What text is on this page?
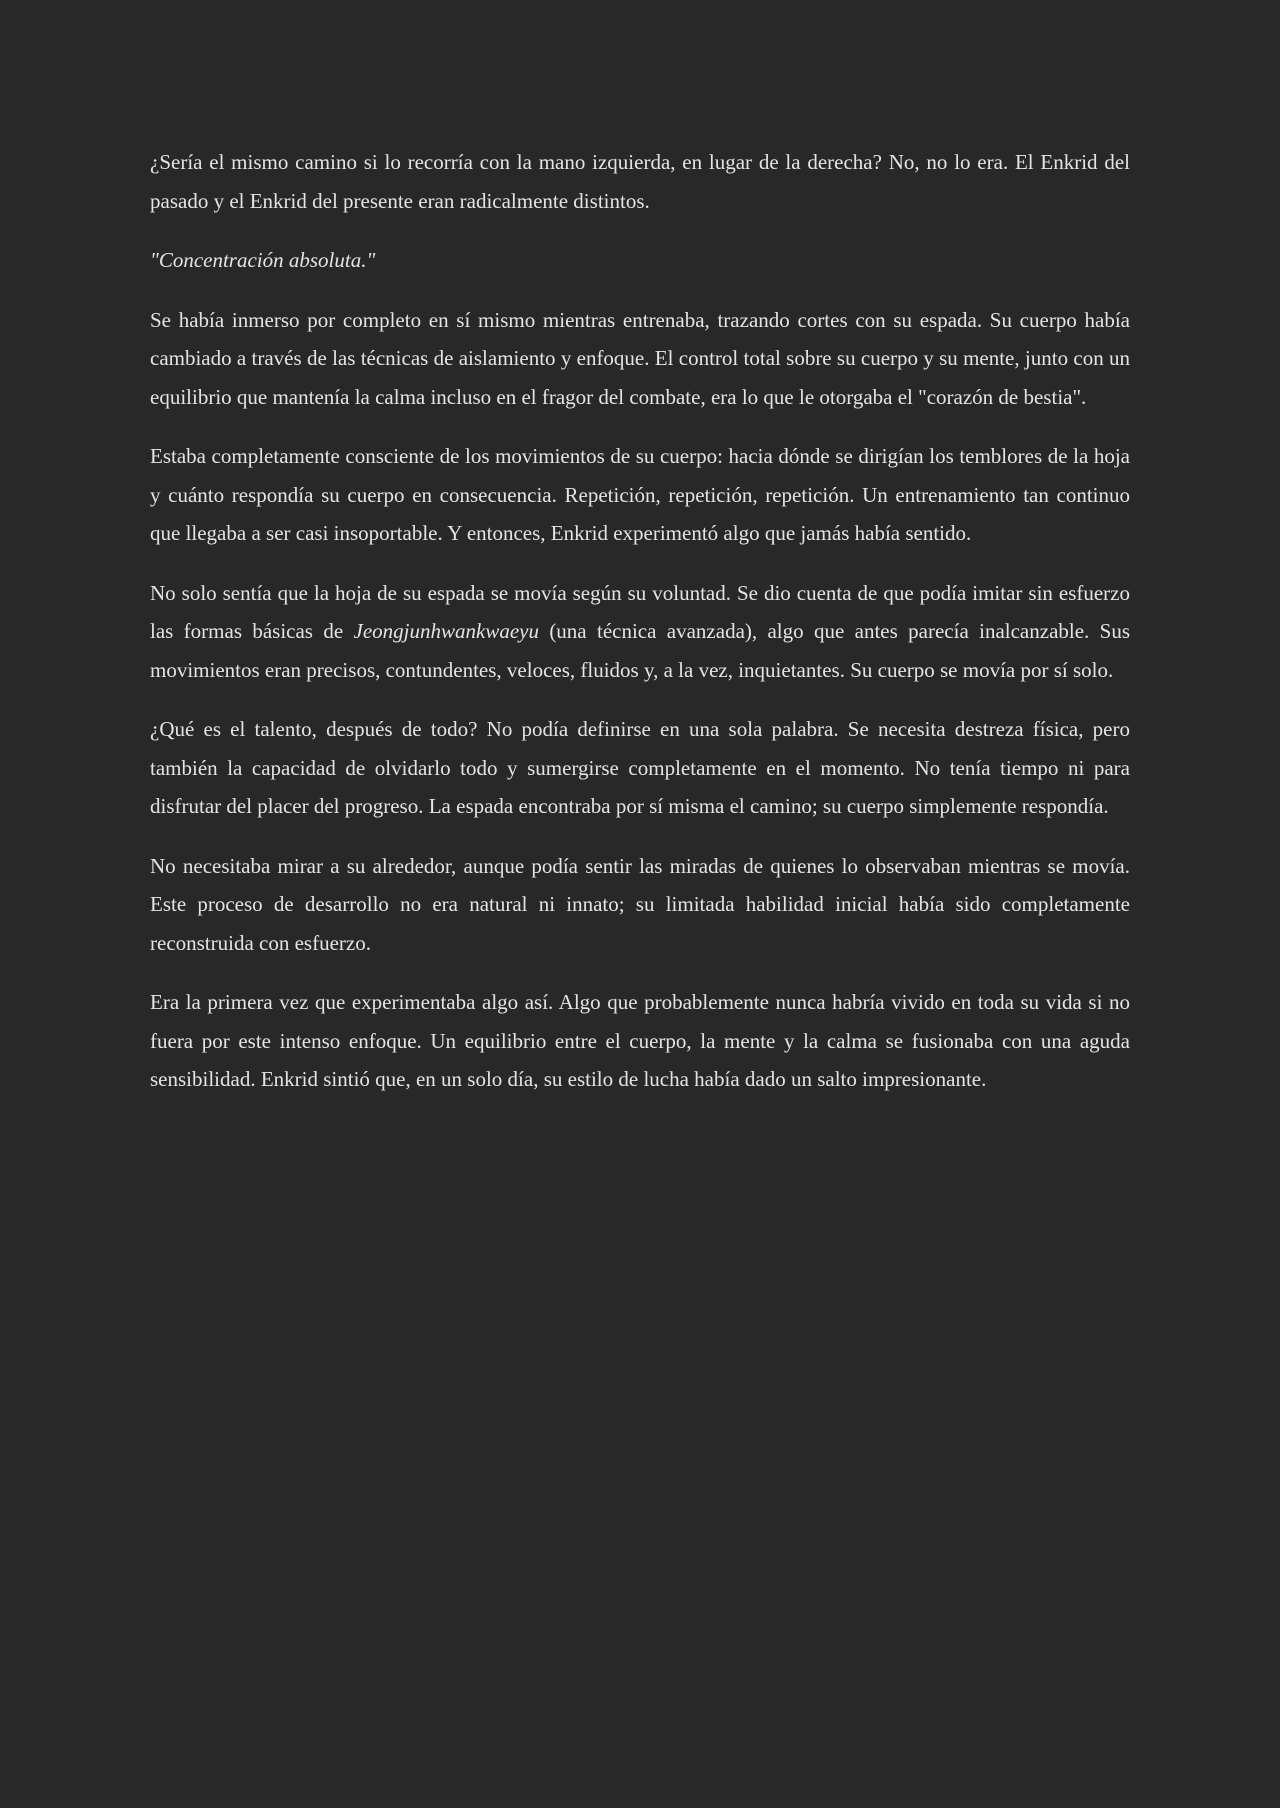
¿Sería el mismo camino si lo recorría con la mano izquierda, en lugar de la derecha? No, no lo era. El Enkrid del pasado y el Enkrid del presente eran radicalmente distintos.

"Concentración absoluta."

Se había inmerso por completo en sí mismo mientras entrenaba, trazando cortes con su espada. Su cuerpo había cambiado a través de las técnicas de aislamiento y enfoque. El control total sobre su cuerpo y su mente, junto con un equilibrio que mantenía la calma incluso en el fragor del combate, era lo que le otorgaba el "corazón de bestia".

Estaba completamente consciente de los movimientos de su cuerpo: hacia dónde se dirigían los temblores de la hoja y cuánto respondía su cuerpo en consecuencia. Repetición, repetición, repetición. Un entrenamiento tan continuo que llegaba a ser casi insoportable. Y entonces, Enkrid experimentó algo que jamás había sentido.

No solo sentía que la hoja de su espada se movía según su voluntad. Se dio cuenta de que podía imitar sin esfuerzo las formas básicas de Jeongjunhwankwaeyu (una técnica avanzada), algo que antes parecía inalcanzable. Sus movimientos eran precisos, contundentes, veloces, fluidos y, a la vez, inquietantes. Su cuerpo se movía por sí solo.

¿Qué es el talento, después de todo? No podía definirse en una sola palabra. Se necesita destreza física, pero también la capacidad de olvidarlo todo y sumergirse completamente en el momento. No tenía tiempo ni para disfrutar del placer del progreso. La espada encontraba por sí misma el camino; su cuerpo simplemente respondía.

No necesitaba mirar a su alrededor, aunque podía sentir las miradas de quienes lo observaban mientras se movía. Este proceso de desarrollo no era natural ni innato; su limitada habilidad inicial había sido completamente reconstruida con esfuerzo.

Era la primera vez que experimentaba algo así. Algo que probablemente nunca habría vivido en toda su vida si no fuera por este intenso enfoque. Un equilibrio entre el cuerpo, la mente y la calma se fusionaba con una aguda sensibilidad. Enkrid sintió que, en un solo día, su estilo de lucha había dado un salto impresionante.
